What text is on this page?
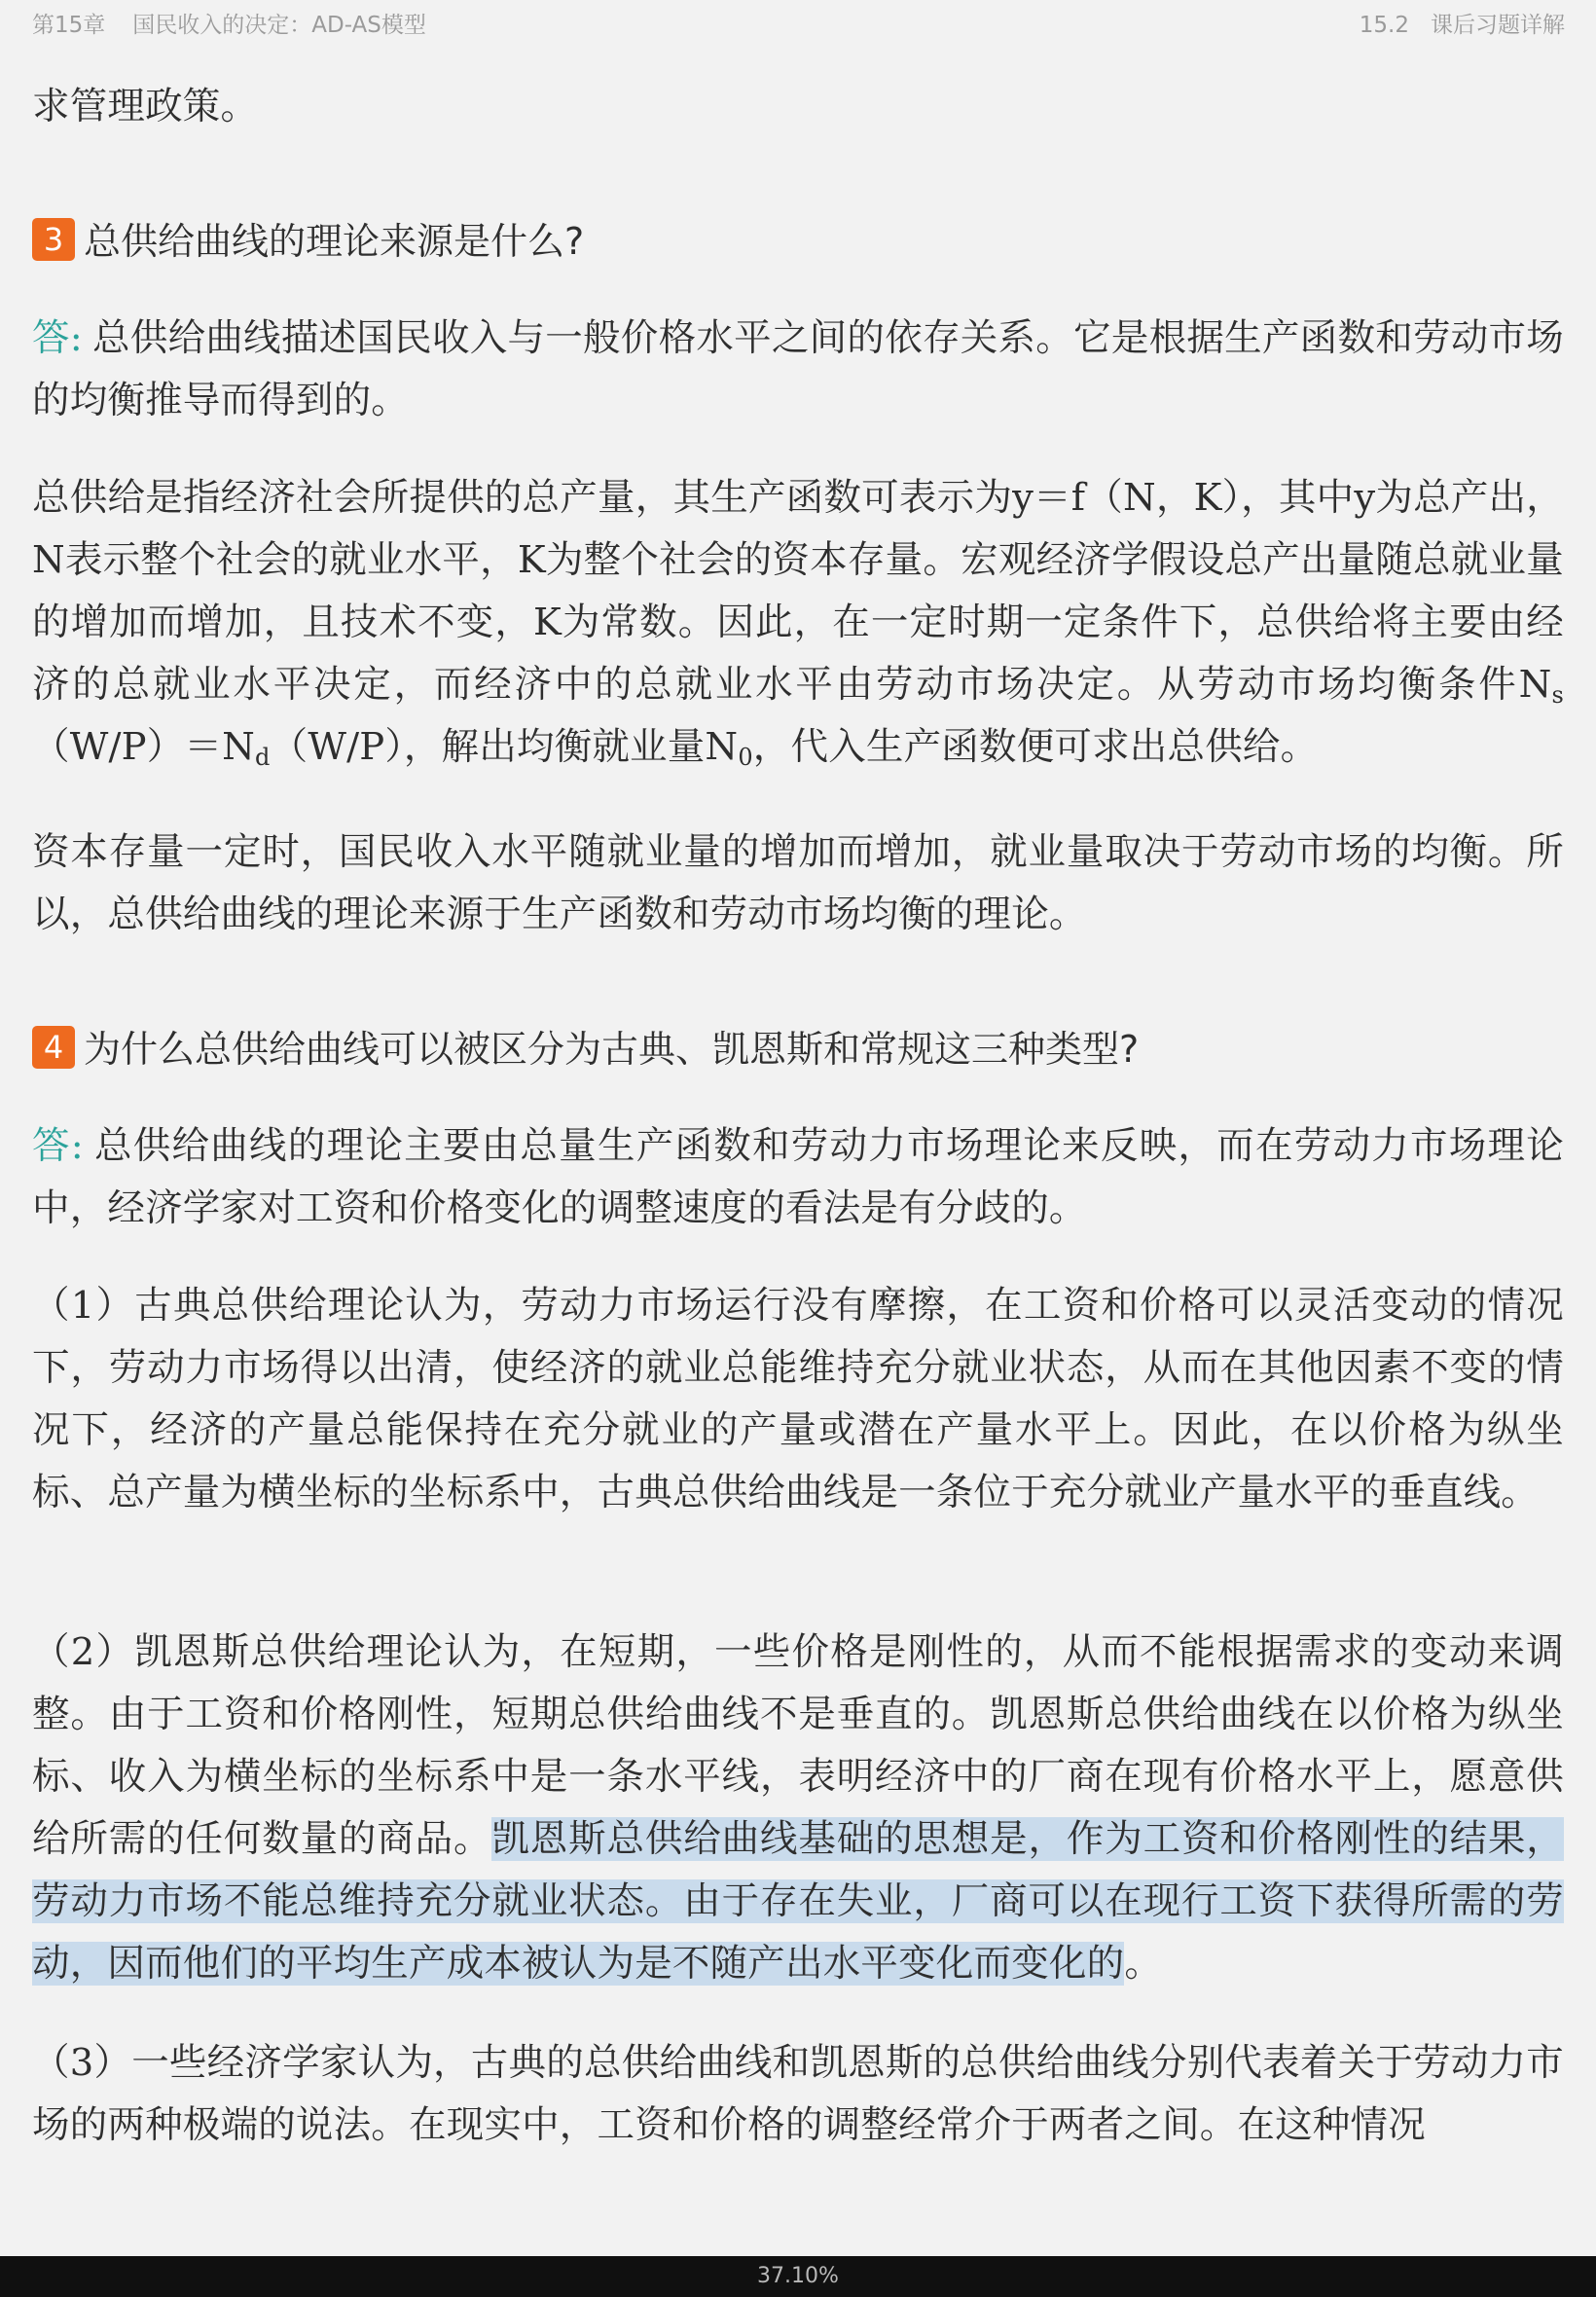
第15章 国民收入的决定：AD-AS模型	15.2 课后习题详解

求管理政策。

3 总供给曲线的理论来源是什么?

答: 总供给曲线描述国民收入与一般价格水平之间的依存关系。它是根据生产函数和劳动市场的均衡推导而得到的。

总供给是指经济社会所提供的总产量，其生产函数可表示为y＝f（N，K），其中y为总产出，N表示整个社会的就业水平，K为整个社会的资本存量。宏观经济学假设总产出量随总就业量的增加而增加，且技术不变，K为常数。因此，在一定时期一定条件下，总供给将主要由经济的总就业水平决定，而经济中的总就业水平由劳动市场决定。从劳动市场均衡条件$N_s(W/P)=N_d(W/P)$，解出均衡就业量$N_0$，代入生产函数便可求出总供给。

资本存量一定时，国民收入水平随就业量的增加而增加，就业量取决于劳动市场的均衡。所以，总供给曲线的理论来源于生产函数和劳动市场均衡的理论。

4 为什么总供给曲线可以被区分为古典、凯恩斯和常规这三种类型?

答: 总供给曲线的理论主要由总量生产函数和劳动力市场理论来反映，而在劳动力市场理论中，经济学家对工资和价格变化的调整速度的看法是有分歧的。

（1）古典总供给理论认为，劳动力市场运行没有摩擦，在工资和价格可以灵活变动的情况下，劳动力市场得以出清，使经济的就业总能维持充分就业状态，从而在其他因素不变的情况下，经济的产量总能保持在充分就业的产量或潜在产量水平上。因此，在以价格为纵坐标、总产量为横坐标的坐标系中，古典总供给曲线是一条位于充分就业产量水平的垂直线。

（2）凯恩斯总供给理论认为，在短期，一些价格是刚性的，从而不能根据需求的变动来调整。由于工资和价格刚性，短期总供给曲线不是垂直的。凯恩斯总供给曲线在以价格为纵坐标、收入为横坐标的坐标系中是一条水平线，表明经济中的厂商在现有价格水平上，愿意供给所需的任何数量的商品。凯恩斯总供给曲线基础的思想是，作为工资和价格刚性的结果，劳动力市场不能总维持充分就业状态。由于存在失业，厂商可以在现行工资下获得所需的劳动，因而他们的平均生产成本被认为是不随产出水平变化而变化的。

（3）一些经济学家认为，古典的总供给曲线和凯恩斯的总供给曲线分别代表着关于劳动力市场的两种极端的说法。在现实中，工资和价格的调整经常介于两者之间。在这种情况

37.10%
